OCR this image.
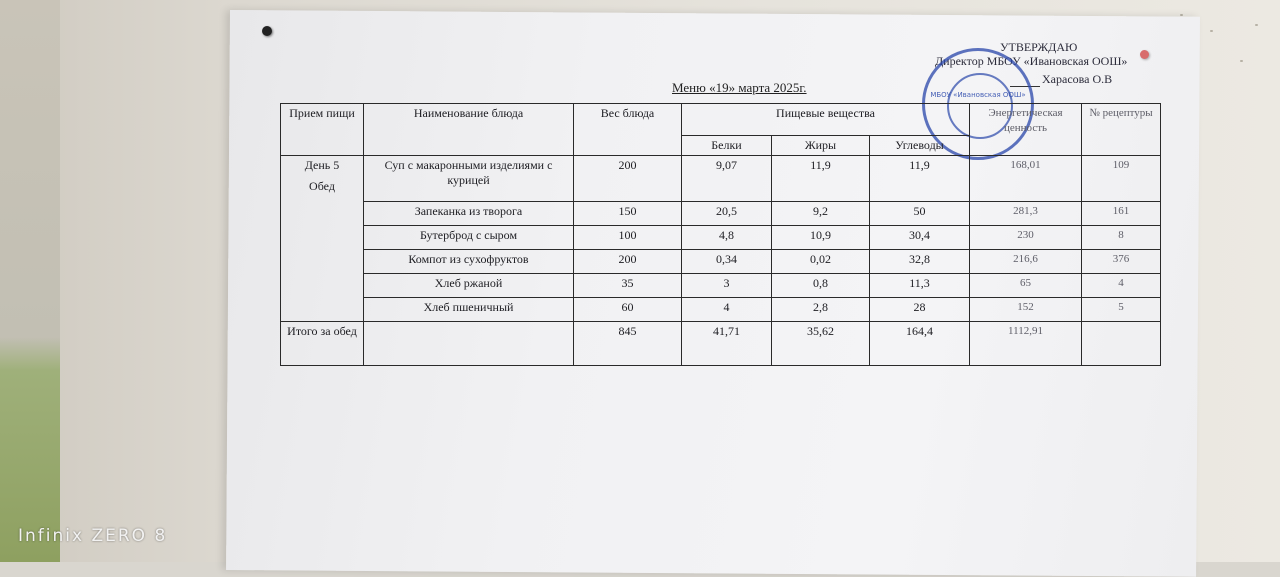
УТВЕРЖДАЮ
Директор МБОУ «Ивановская ООШ»
Харасова О.В
МБОУ «Ивановская ООШ»
Меню «19» марта 2025г.
Прием пищи	Наименование блюда	Вес блюда	Пищевые вещества			Энергетическая ценность	№ рецептуры
			Белки	Жиры	Углеводы		

День 5
Обед	Суп с макаронными изделиями с курицей	200	9,07	11,9	11,9	168,01	109
	Запеканка из творога	150	20,5	9,2	50	281,3	161
	Бутерброд с сыром	100	4,8	10,9	30,4	230	8
	Компот из сухофруктов	200	0,34	0,02	32,8	216,6	376
	Хлеб ржаной	35	3	0,8	11,3	65	4
	Хлеб пшеничный	60	4	2,8	28	152	5
Итого за обед		845	41,71	35,62	164,4	1112,91	
Infinix ZERO 8
